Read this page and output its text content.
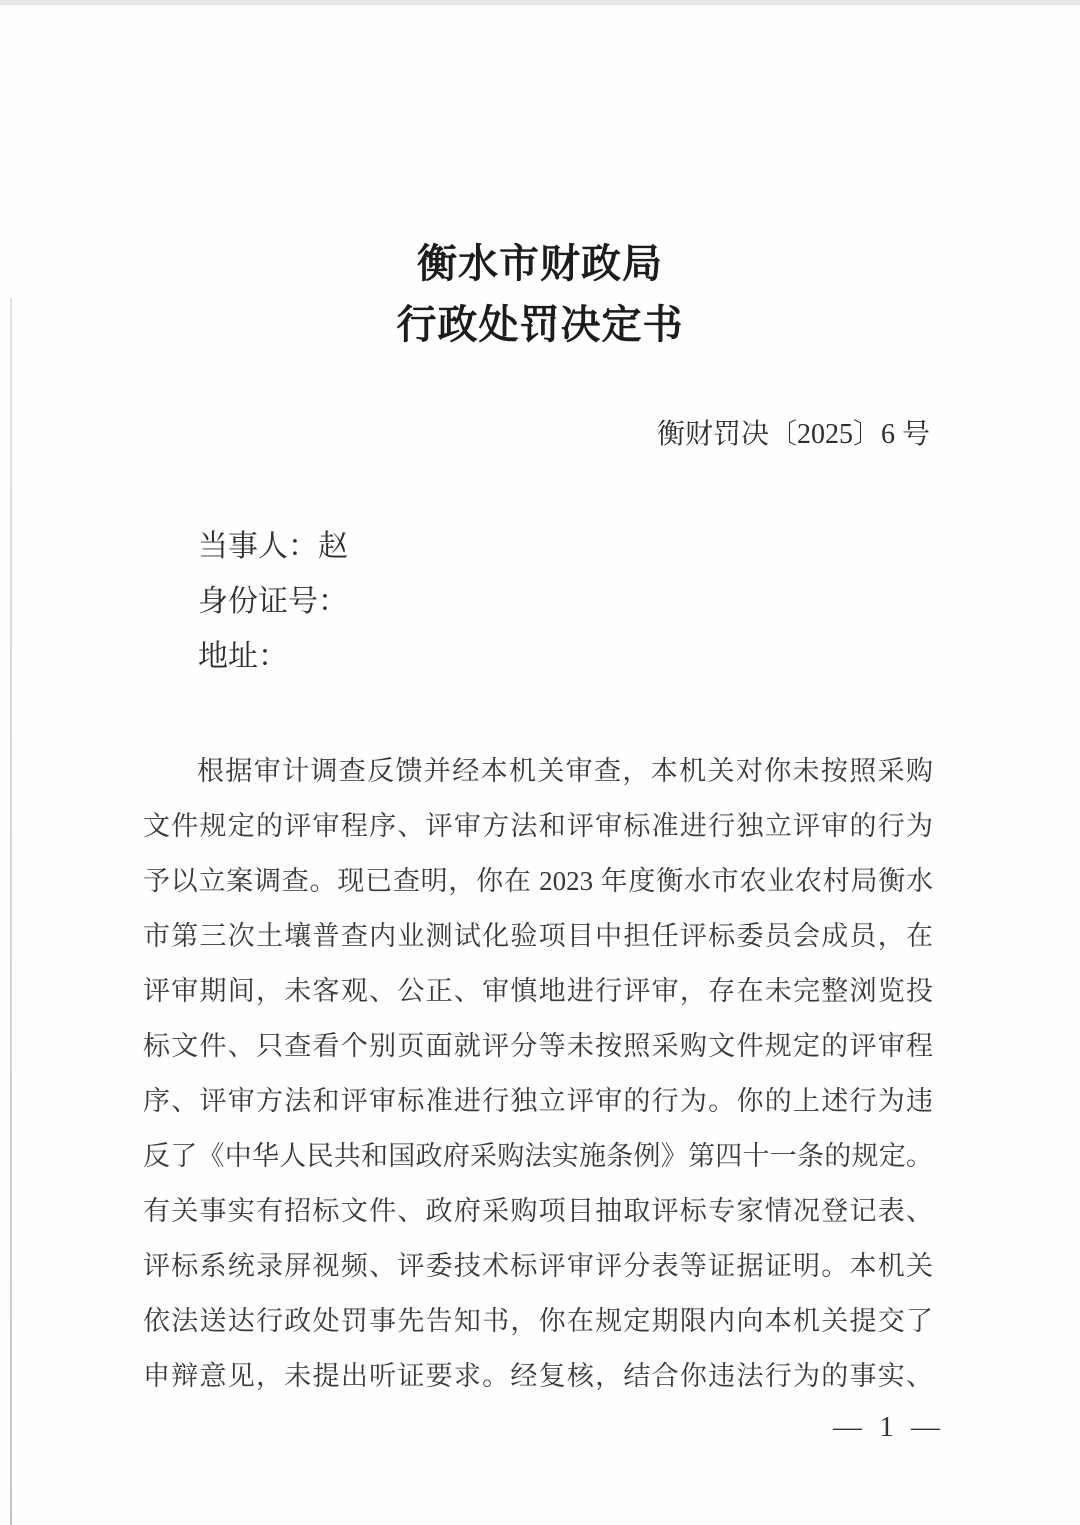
衡水市财政局
行政处罚决定书
衡财罚决〔2025〕6 号
当事人：赵
身份证号：
地址：
根据审计调查反馈并经本机关审查，本机关对你未按照采购
文件规定的评审程序、评审方法和评审标准进行独立评审的行为
予以立案调查。现已查明，你在 2023 年度衡水市农业农村局衡水
市第三次土壤普查内业测试化验项目中担任评标委员会成员，在
评审期间，未客观、公正、审慎地进行评审，存在未完整浏览投
标文件、只查看个别页面就评分等未按照采购文件规定的评审程
序、评审方法和评审标准进行独立评审的行为。你的上述行为违
反了《中华人民共和国政府采购法实施条例》第四十一条的规定。
有关事实有招标文件、政府采购项目抽取评标专家情况登记表、
评标系统录屏视频、评委技术标评审评分表等证据证明。本机关
依法送达行政处罚事先告知书，你在规定期限内向本机关提交了
申辩意见，未提出听证要求。经复核，结合你违法行为的事实、
— 1 —
